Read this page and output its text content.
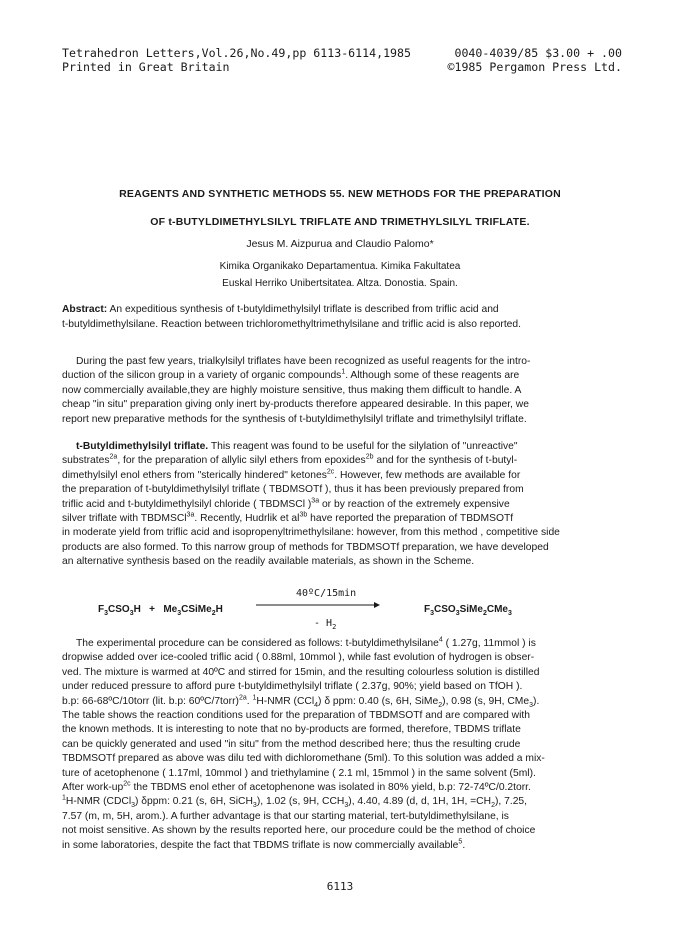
Tetrahedron Letters,Vol.26,No.49,pp 6113-6114,1985	0040-4039/85 $3.00 + .00
Printed in Great Britain	©1985 Pergamon Press Ltd.
REAGENTS AND SYNTHETIC METHODS 55. NEW METHODS FOR THE PREPARATION
OF t-BUTYLDIMETHYLSILYL TRIFLATE AND TRIMETHYLSILYL TRIFLATE.
Jesus M. Aizpurua and Claudio Palomo*
Kimika Organikako Departamentua. Kimika Fakultatea
Euskal Herriko Unibertsitatea. Altza. Donostia. Spain.
Abstract: An expeditious synthesis of t-butyldimethylsilyl triflate is described from triflic acid and
t-butyldimethylsilane. Reaction between trichloromethyltrimethylsilane and triflic acid is also reported.
During the past few years, trialkylsilyl triflates have been recognized as useful reagents for the intro-
duction of the silicon group in a variety of organic compounds$^1$. Although some of these reagents are
now commercially available,they are highly moisture sensitive, thus making them difficult to handle. A
cheap "in situ" preparation giving only inert by-products therefore appeared desirable. In this paper, we
report new preparative methods for the synthesis of t-butyldimethylsilyl triflate and trimethylsilyl triflate.
t-Butyldimethylsilyl triflate. This reagent was found to be useful for the silylation of "unreactive"
substrates$^{2a}$, for the preparation of allylic silyl ethers from epoxides$^{2b}$ and for the synthesis of t-butyl-
dimethylsilyl enol ethers from "sterically hindered" ketones$^{2c}$. However, few methods are available for
the preparation of t-butyldimethylsilyl triflate ( TBDMSOTf ), thus it has been previously prepared from
triflic acid and t-butyldimethylsilyl chloride ( TBDMSCl )$^{3a}$ or by reaction of the extremely expensive
silver triflate with TBDMSCl$^{3a}$. Recently, Hudrlik et $al^{3b}$ have reported the preparation of TBDMSOTf
in moderate yield from triflic acid and isopropenyltrimethylsilane: however, from this method , competitive side
products are also formed. To this narrow group of methods for TBDMSOTf preparation, we have developed
an alternative synthesis based on the readily available materials, as shown in the Scheme.
$F_3CSO_3H$   +   $Me_3CSiMe_2H$
40ºC/15min
- $H_2$
$F_3CSO_3SiMe_2CMe_3$
The experimental procedure can be considered as follows: t-butyldimethylsilane$^4$ ( 1.27g, 11mmol ) is
dropwise added over ice-cooled triflic acid ( 0.88ml, 10mmol ), while fast evolution of hydrogen is obser-
ved. The mixture is warmed at 40ºC and stirred for 15min, and the resulting colourless solution is distilled
under reduced pressure to afford pure t-butyldimethylsilyl triflate ( 2.37g, 90%; yield based on TfOH ).
b.p: 66-68ºC/10torr (lit. b.p: 60ºC/7torr)$^{2a}$. $^1$H-NMR (CCl$_4$) δ ppm: 0.40 (s, 6H, SiMe$_2$), 0.98 (s, 9H, CMe$_3$).
The table shows the reaction conditions used for the preparation of TBDMSOTf and are compared with
the known methods. It is interesting to note that no by-products are formed, therefore, TBDMS triflate
can be quickly generated and used "in situ" from the method described here; thus the resulting crude
TBDMSOTf prepared as above was dilu ted with dichloromethane (5ml). To this solution was added a mix-
ture of acetophenone ( 1.17ml, 10mmol ) and triethylamine ( 2.1 ml, 15mmol ) in the same solvent (5ml).
After work-$up^{2c}$ the TBDMS enol ether of acetophenone was isolated in 80% yield, b.p: 72-74ºC/0.2torr.
$^1$H-NMR (CDCl$_3$) δppm: 0.21 (s, 6H, SiCH$_3$), 1.02 (s, 9H, $CCH_3$), 4.40, 4.89 (d, d, 1H, 1H, $=CH_2$), 7.25,
7.57 (m, m, 5H, arom.). A further advantage is that our starting material, tert-butyldimethylsilane, is
not moist sensitive. As shown by the results reported here, our procedure could be the method of choice
in some laboratories, despite the fact that TBDMS triflate is now commercially available$^5$.
6113
